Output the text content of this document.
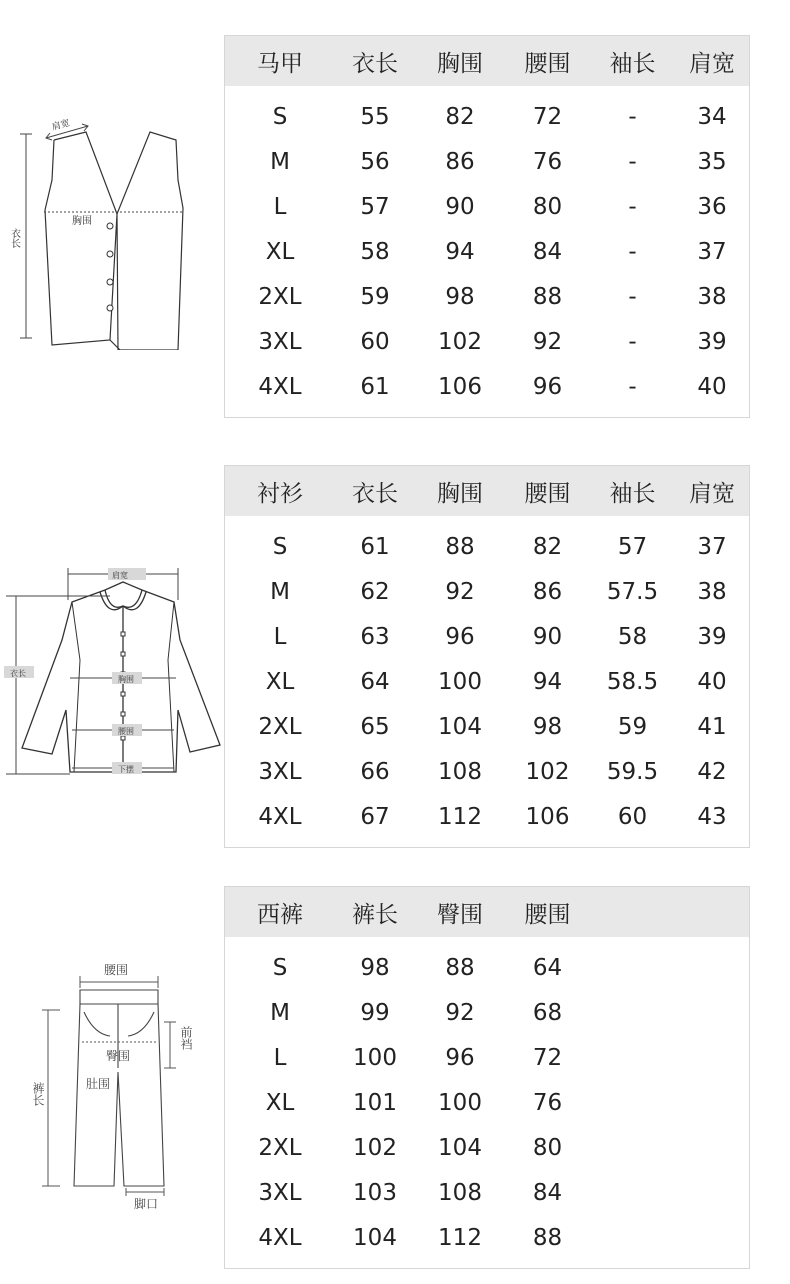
肩宽
胸围
衣长
马甲	衣长	胸围	腰围	袖长	肩宽
S	55	82	72	-	34
M	56	86	76	-	35
L	57	90	80	-	36
XL	58	94	84	-	37
2XL	59	98	88	-	38
3XL	60	102	92	-	39
4XL	61	106	96	-	40
肩宽
衣长
胸围
腰围
下摆
衬衫	衣长	胸围	腰围	袖长	肩宽
S	61	88	82	57	37
M	62	92	86	57.5	38
L	63	96	90	58	39
XL	64	100	94	58.5	40
2XL	65	104	98	59	41
3XL	66	108	102	59.5	42
4XL	67	112	106	60	43
腰围
前裆
臀围
肚围
裤长
脚口
西裤	裤长	臀围	腰围
S	98	88	64
M	99	92	68
L	100	96	72
XL	101	100	76
2XL	102	104	80
3XL	103	108	84
4XL	104	112	88
